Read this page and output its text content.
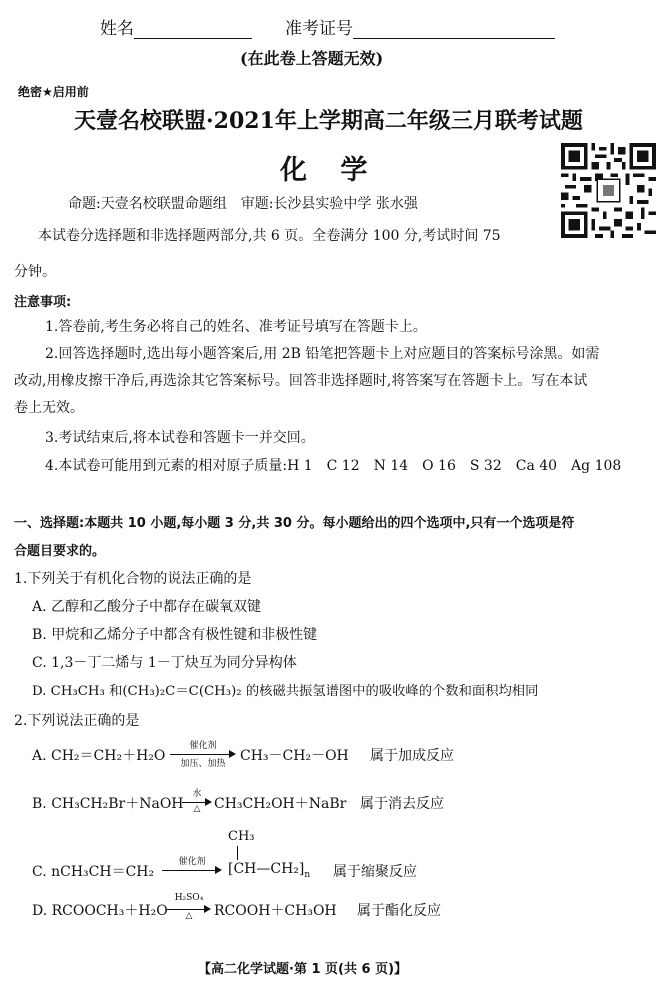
姓名	准考证号
(在此卷上答题无效)
绝密★启用前
天壹名校联盟·2021年上学期高二年级三月联考试题
化 学
命题:天壹名校联盟命题组　审题:长沙县实验中学 张水强
本试卷分选择题和非选择题两部分,共 6 页。全卷满分 100 分,考试时间 75
分钟。
注意事项:
1.答卷前,考生务必将自己的姓名、准考证号填写在答题卡上。
2.回答选择题时,选出每小题答案后,用 2B 铅笔把答题卡上对应题目的答案标号涂黑。如需
改动,用橡皮擦干净后,再选涂其它答案标号。回答非选择题时,将答案写在答题卡上。写在本试
卷上无效。
3.考试结束后,将本试卷和答题卡一并交回。
4.本试卷可能用到元素的相对原子质量:H 1　C 12　N 14　O 16　S 32　Ca 40　Ag 108
一、选择题:本题共 10 小题,每小题 3 分,共 30 分。每小题给出的四个选项中,只有一个选项是符
合题目要求的。
1.下列关于有机化合物的说法正确的是
A. 乙醇和乙酸分子中都存在碳氧双键
B. 甲烷和乙烯分子中都含有极性键和非极性键
C. 1,3－丁二烯与 1－丁炔互为同分异构体
D. CH₃CH₃ 和(CH₃)₂C＝C(CH₃)₂ 的核磁共振氢谱图中的吸收峰的个数和面积均相同
2.下列说法正确的是
A. CH₂＝CH₂＋H₂O
催化剂
加压、加热	CH₃－CH₂－OH 属于加成反应
B. CH₃CH₂Br＋NaOH
水
△ CH₃CH₂OH＋NaBr 属于消去反应
C. nCH₃CH＝CH₂
催化剂
CH₃
$[CH—CH_2]_n$ 属于缩聚反应
D. RCOOCH₃＋H₂O
H₂SO₄
△	RCOOH＋CH₃OH 属于酯化反应
【高二化学试题·第 1 页(共 6 页)】
